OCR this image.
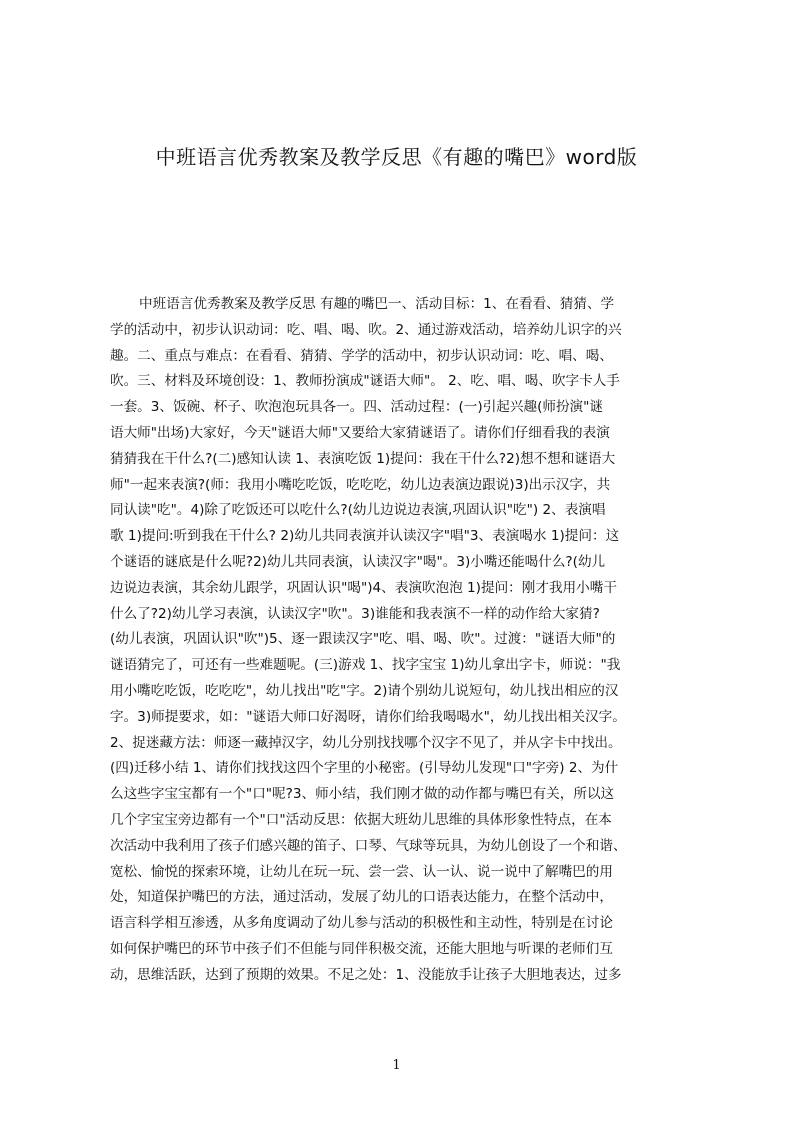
中班语言优秀教案及教学反思《有趣的嘴巴》word版
中班语言优秀教案及教学反思 有趣的嘴巴一、活动目标：1、在看看、猜猜、学
学的活动中，初步认识动词：吃、唱、喝、吹。2、通过游戏活动，培养幼儿识字的兴
趣。二、重点与难点：在看看、猜猜、学学的活动中，初步认识动词：吃、唱、喝、
吹。三、材料及环境创设：1、教师扮演成"谜语大师"。 2、吃、唱、喝、吹字卡人手
一套。3、饭碗、杯子、吹泡泡玩具各一。四、活动过程：(一)引起兴趣(师扮演"谜
语大师"出场)大家好，今天"谜语大师"又要给大家猜谜语了。请你们仔细看我的表演
猜猜我在干什么?(二)感知认读 1、表演吃饭 1)提问：我在干什么?2)想不想和谜语大
师"一起来表演?(师：我用小嘴吃吃饭，吃吃吃，幼儿边表演边跟说)3)出示汉字，共
同认读"吃"。4)除了吃饭还可以吃什么?(幼儿边说边表演,巩固认识"吃") 2、表演唱
歌 1)提问:听到我在干什么? 2)幼儿共同表演并认读汉字"唱"3、表演喝水 1)提问：这
个谜语的谜底是什么呢?2)幼儿共同表演，认读汉字"喝"。3)小嘴还能喝什么?(幼儿
边说边表演，其余幼儿跟学，巩固认识"喝")4、表演吹泡泡 1)提问：刚才我用小嘴干
什么了?2)幼儿学习表演，认读汉字"吹"。3)谁能和我表演不一样的动作给大家猜?
(幼儿表演，巩固认识"吹")5、逐一跟读汉字"吃、唱、喝、吹"。过渡："谜语大师"的
谜语猜完了，可还有一些难题呢。(三)游戏 1、找字宝宝 1)幼儿拿出字卡，师说："我
用小嘴吃吃饭，吃吃吃"，幼儿找出"吃"字。2)请个别幼儿说短句，幼儿找出相应的汉
字。3)师提要求，如："谜语大师口好渴呀，请你们给我喝喝水"，幼儿找出相关汉字。
2、捉迷藏方法：师逐一藏掉汉字，幼儿分别找找哪个汉字不见了，并从字卡中找出。
(四)迁移小结 1、请你们找找这四个字里的小秘密。(引导幼儿发现"口"字旁) 2、为什
么这些字宝宝都有一个"口"呢?3、师小结，我们刚才做的动作都与嘴巴有关，所以这
几个字宝宝旁边都有一个"口"活动反思：依据大班幼儿思维的具体形象性特点，在本
次活动中我利用了孩子们感兴趣的笛子、口琴、气球等玩具，为幼儿创设了一个和谐、
宽松、愉悦的探索环境，让幼儿在玩一玩、尝一尝、认一认、说一说中了解嘴巴的用
处，知道保护嘴巴的方法，通过活动，发展了幼儿的口语表达能力，在整个活动中，
语言科学相互渗透，从多角度调动了幼儿参与活动的积极性和主动性，特别是在讨论
如何保护嘴巴的环节中孩子们不但能与同伴积极交流，还能大胆地与听课的老师们互
动，思维活跃，达到了预期的效果。不足之处：1、没能放手让孩子大胆地表达，过多
1
